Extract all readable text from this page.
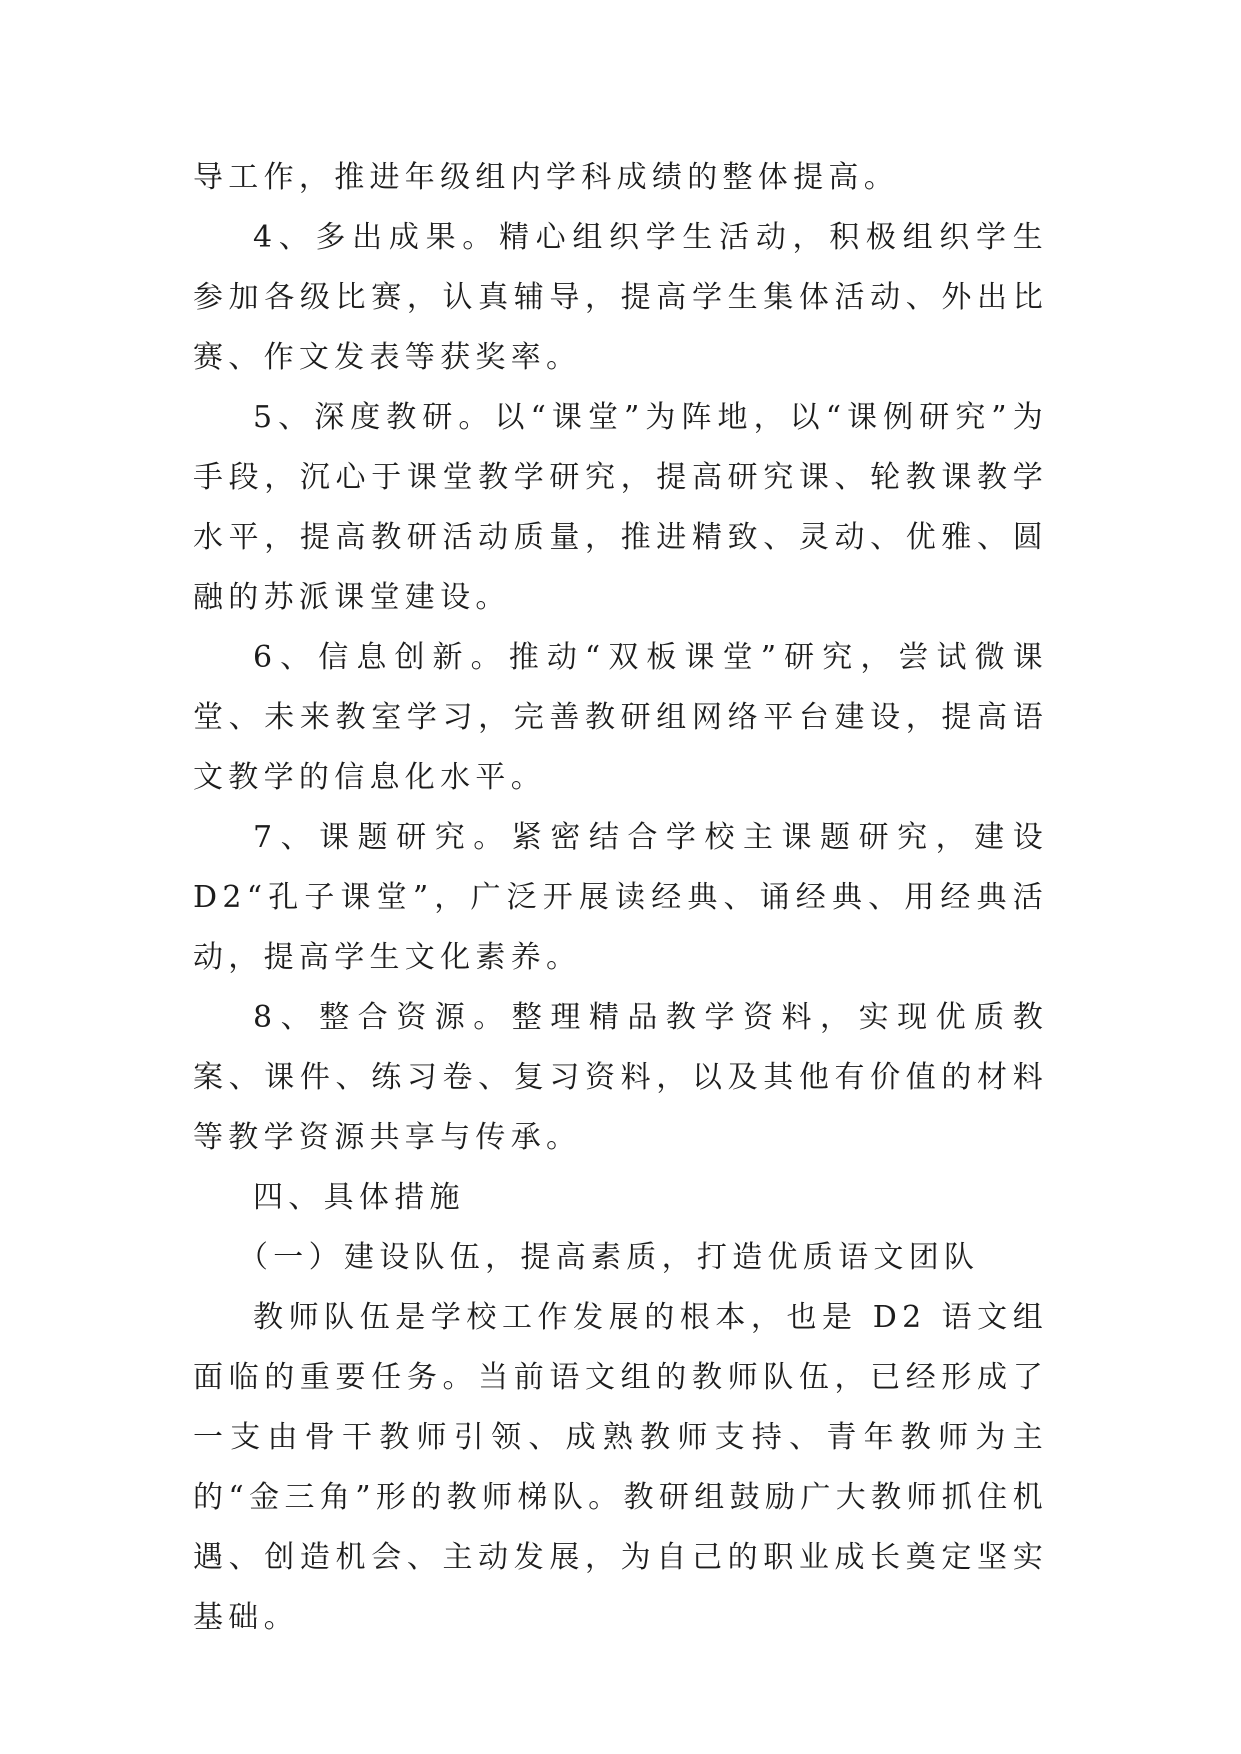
导工作，推进年级组内学科成绩的整体提高。

4、多出成果。精心组织学生活动，积极组织学生参加各级比赛，认真辅导，提高学生集体活动、外出比赛、作文发表等获奖率。

5、深度教研。以“课堂”为阵地，以“课例研究”为手段，沉心于课堂教学研究，提高研究课、轮教课教学水平，提高教研活动质量，推进精致、灵动、优雅、圆融的苏派课堂建设。

6、信息创新。推动“双板课堂”研究，尝试微课堂、未来教室学习，完善教研组网络平台建设，提高语文教学的信息化水平。

7、课题研究。紧密结合学校主课题研究，建设 D2“孔子课堂”，广泛开展读经典、诵经典、用经典活动，提高学生文化素养。

8、整合资源。整理精品教学资料，实现优质教案、课件、练习卷、复习资料，以及其他有价值的材料等教学资源共享与传承。

四、具体措施

（一）建设队伍，提高素质，打造优质语文团队

教师队伍是学校工作发展的根本，也是 D2 语文组面临的重要任务。当前语文组的教师队伍，已经形成了一支由骨干教师引领、成熟教师支持、青年教师为主的“金三角”形的教师梯队。教研组鼓励广大教师抓住机遇、创造机会、主动发展，为自己的职业成长奠定坚实基础。
